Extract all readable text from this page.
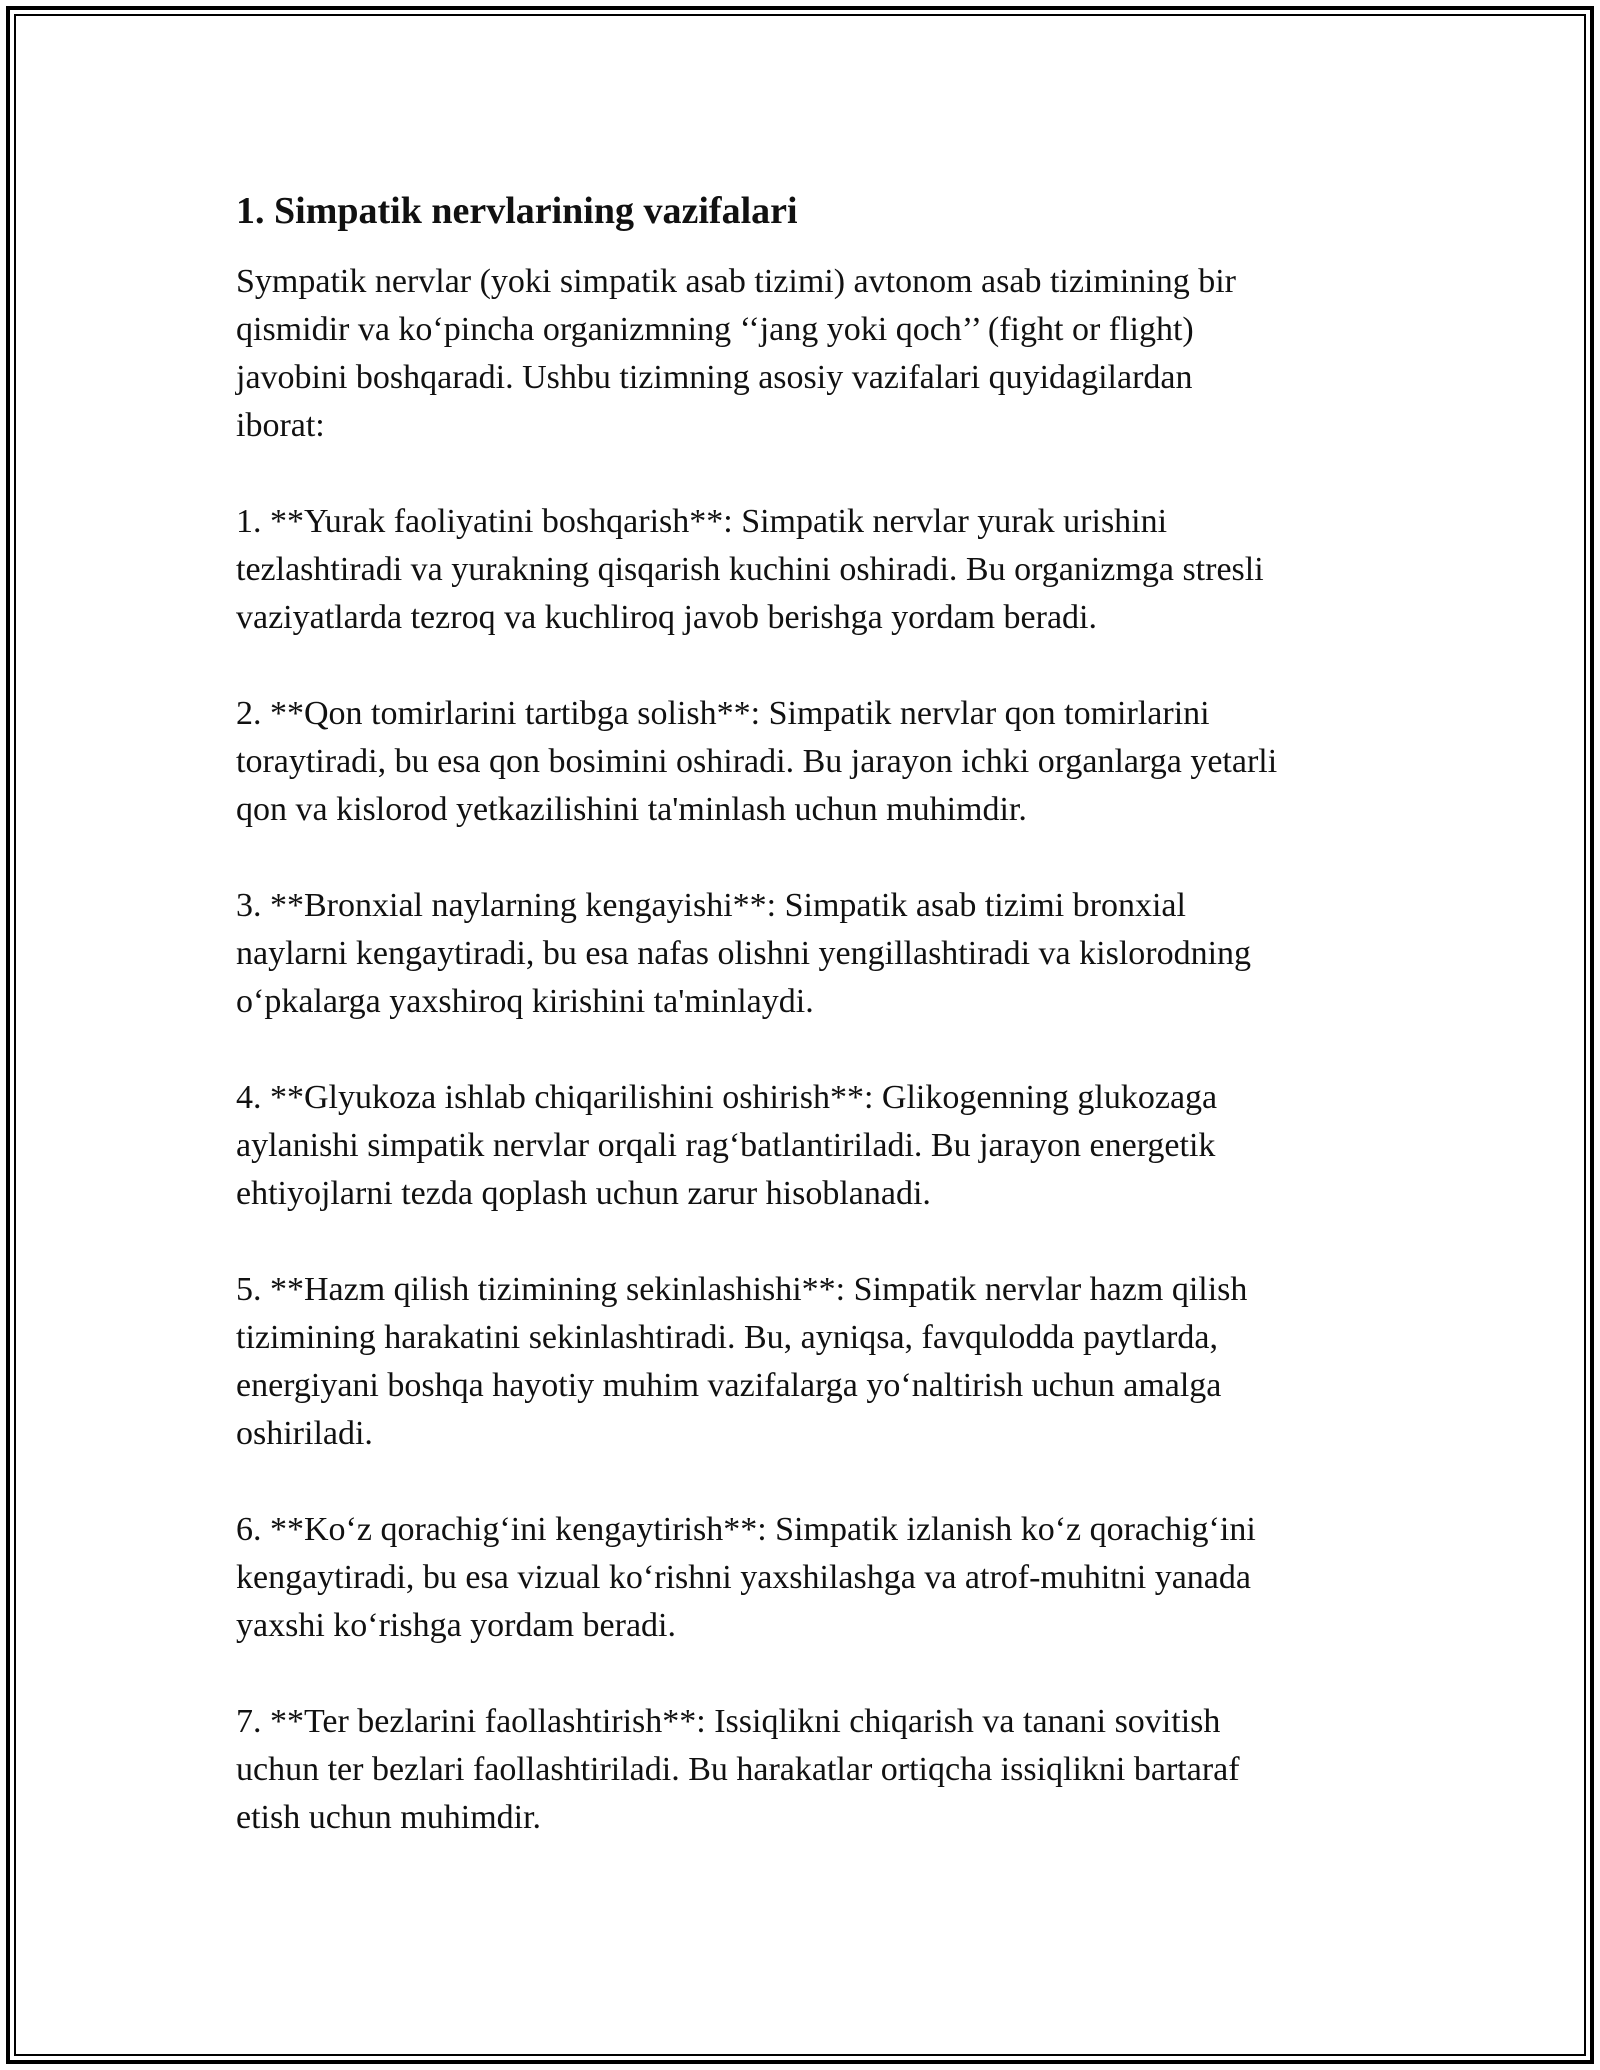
1. Simpatik nervlarining vazifalari

Sympatik nervlar (yoki simpatik asab tizimi) avtonom asab tizimining bir
qismidir va ko‘pincha organizmning ‘‘jang yoki qoch’’ (fight or flight)
javobini boshqaradi. Ushbu tizimning asosiy vazifalari quyidagilardan
iborat:

1. **Yurak faoliyatini boshqarish**: Simpatik nervlar yurak urishini
tezlashtiradi va yurakning qisqarish kuchini oshiradi. Bu organizmga stresli
vaziyatlarda tezroq va kuchliroq javob berishga yordam beradi.

2. **Qon tomirlarini tartibga solish**: Simpatik nervlar qon tomirlarini
toraytiradi, bu esa qon bosimini oshiradi. Bu jarayon ichki organlarga yetarli
qon va kislorod yetkazilishini ta'minlash uchun muhimdir.

3. **Bronxial naylarning kengayishi**: Simpatik asab tizimi bronxial
naylarni kengaytiradi, bu esa nafas olishni yengillashtiradi va kislorodning
o‘pkalarga yaxshiroq kirishini ta'minlaydi.

4. **Glyukoza ishlab chiqarilishini oshirish**: Glikogenning glukozaga
aylanishi simpatik nervlar orqali rag‘batlantiriladi. Bu jarayon energetik
ehtiyojlarni tezda qoplash uchun zarur hisoblanadi.

5. **Hazm qilish tizimining sekinlashishi**: Simpatik nervlar hazm qilish
tizimining harakatini sekinlashtiradi. Bu, ayniqsa, favqulodda paytlarda,
energiyani boshqa hayotiy muhim vazifalarga yo‘naltirish uchun amalga
oshiriladi.

6. **Ko‘z qorachig‘ini kengaytirish**: Simpatik izlanish ko‘z qorachig‘ini
kengaytiradi, bu esa vizual ko‘rishni yaxshilashga va atrof-muhitni yanada
yaxshi ko‘rishga yordam beradi.

7. **Ter bezlarini faollashtirish**: Issiqlikni chiqarish va tanani sovitish
uchun ter bezlari faollashtiriladi. Bu harakatlar ortiqcha issiqlikni bartaraf
etish uchun muhimdir.
